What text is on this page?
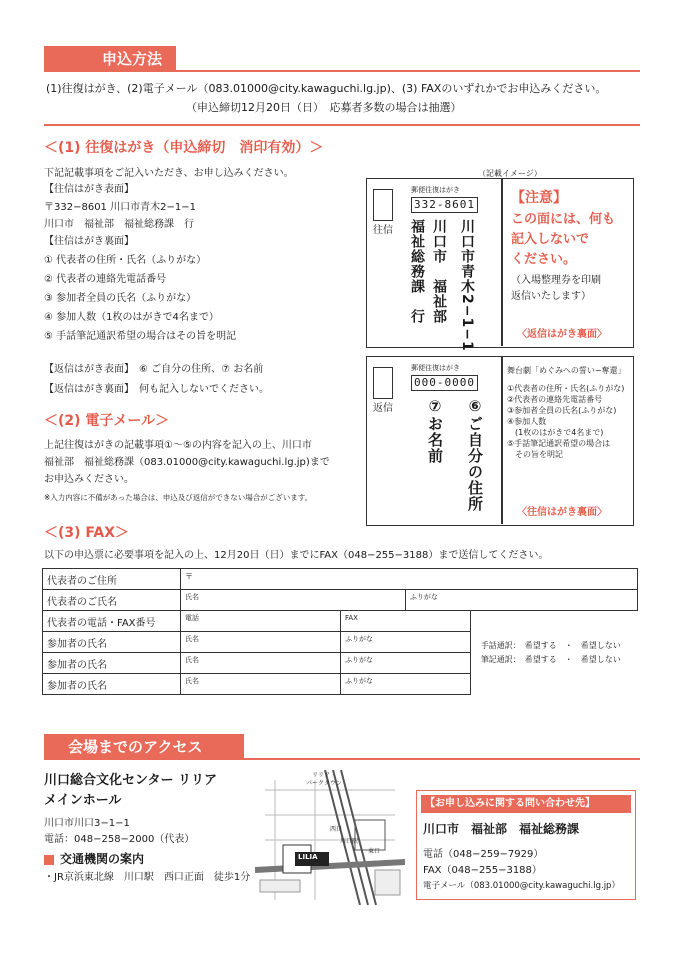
申込方法
(1)往復はがき、(2)電子メール（083.01000@city.kawaguchi.lg.jp)、(3) FAXのいずれかでお申込みください。
（申込締切12月20日（日）　応募者多数の場合は抽選）
＜(1) 往復はがき（申込締切　消印有効）＞
下記記載事項をご記入いただき、お申し込みください。
【往信はがき表面】
〒332−8601 川口市青木2−1−1
川口市　福祉部　福祉総務課　行
【往信はがき裏面】
① 代表者の住所・氏名（ふりがな）
② 代表者の連絡先電話番号
③ 参加者全員の氏名（ふりがな）
④ 参加人数（1枚のはがきで4名まで）
⑤ 手話筆記通訳希望の場合はその旨を明記
【返信はがき表面】　⑥ ご自分の住所、⑦ お名前
【返信はがき裏面】　何も記入しないでください。
（記載イメージ）
郵便往復はがき
332-8601
往信	川口市青木2−1−1
川口市　福祉部
福祉総務課　行
【注意】
この面には、何も
記入しないで
ください。
（入場整理券を印刷
返信いたします）
〈返信はがき裏面〉
郵便往復はがき
000-0000
返信	⑥ご自分の住所
⑦お名前
舞台劇「めぐみへの誓い−奪還」
①代表者の住所・氏名(ふりがな)
②代表者の連絡先電話番号
③参加者全員の氏名(ふりがな)
④参加人数
　(1枚のはがきで4名まで)
⑤手話筆記通訳希望の場合は
　その旨を明記
〈往信はがき裏面〉
＜(2) 電子メール＞
上記往復はがきの記載事項①〜⑤の内容を記入の上、川口市
福祉部　福祉総務課（083.01000@city.kawaguchi.lg.jp)まで
お申込みください。
※入力内容に不備があった場合は、申込及び返信ができない場合がございます。
＜(3) FAX＞
以下の申込票に必要事項を記入の上、12月20日（日）までにFAX（048−255−3188）まで送信してください。
代表者のご住所	〒			
代表者のご氏名	氏名		ふりがな	
代表者の電話・FAX番号	電話	FAX		手話通訳：　希望する　・　希望しない
筆記通訳：　希望する　・　希望しない

参加者の氏名	氏名	ふりがな		
参加者の氏名	氏名	ふりがな		
参加者の氏名	氏名	ふりがな		
会場までのアクセス
川口総合文化センター リリア
メインホール
川口市川口3−1−1
電話：048−258−2000（代表）
交通機関の案内
・JR京浜東北線　川口駅　西口正面　徒歩1分
LILIA
リリア
パークタウン
川口駅
西口
東口
【お申し込みに関する問い合わせ先】
川口市　福祉部　福祉総務課
電話（048−259−7929）
FAX（048−255−3188）
電子メール（083.01000@city.kawaguchi.lg.jp）
